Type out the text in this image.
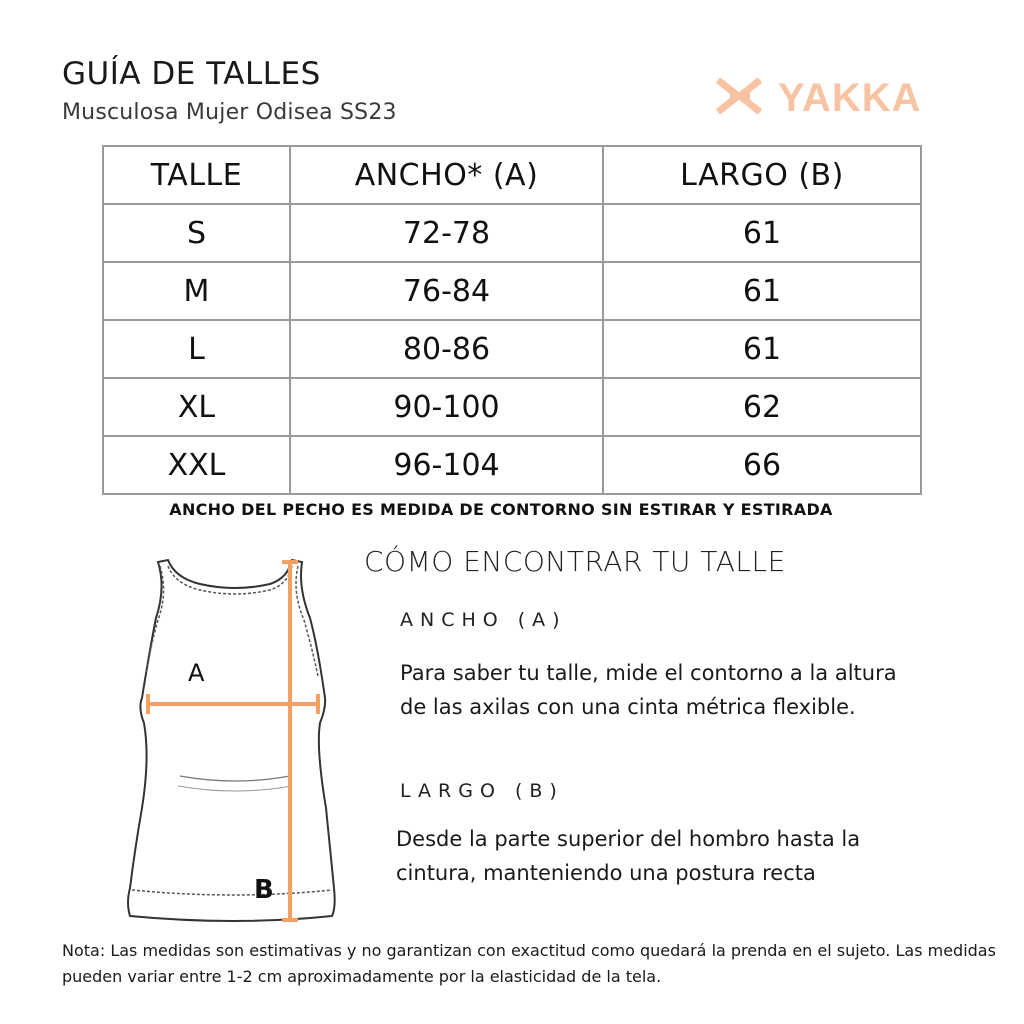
GUÍA DE TALLES
Musculosa Mujer Odisea SS23	YAKKA
TALLE	ANCHO* (A)	LARGO (B)
S	72-78	61
M	76-84	61
L	80-86	61
XL	90-100	62
XXL	96-104	66
ANCHO DEL PECHO ES MEDIDA DE CONTORNO SIN ESTIRAR Y ESTIRADA
A
B
CÓMO ENCONTRAR TU TALLE
ANCHO (A)
Para saber tu talle, mide el contorno a la altura de las axilas con una cinta métrica flexible.
LARGO (B)
Desde la parte superior del hombro hasta la cintura, manteniendo una postura recta
Nota: Las medidas son estimativas y no garantizan con exactitud como quedará la prenda en el sujeto. Las medidas pueden variar entre 1-2 cm aproximadamente por la elasticidad de la tela.
